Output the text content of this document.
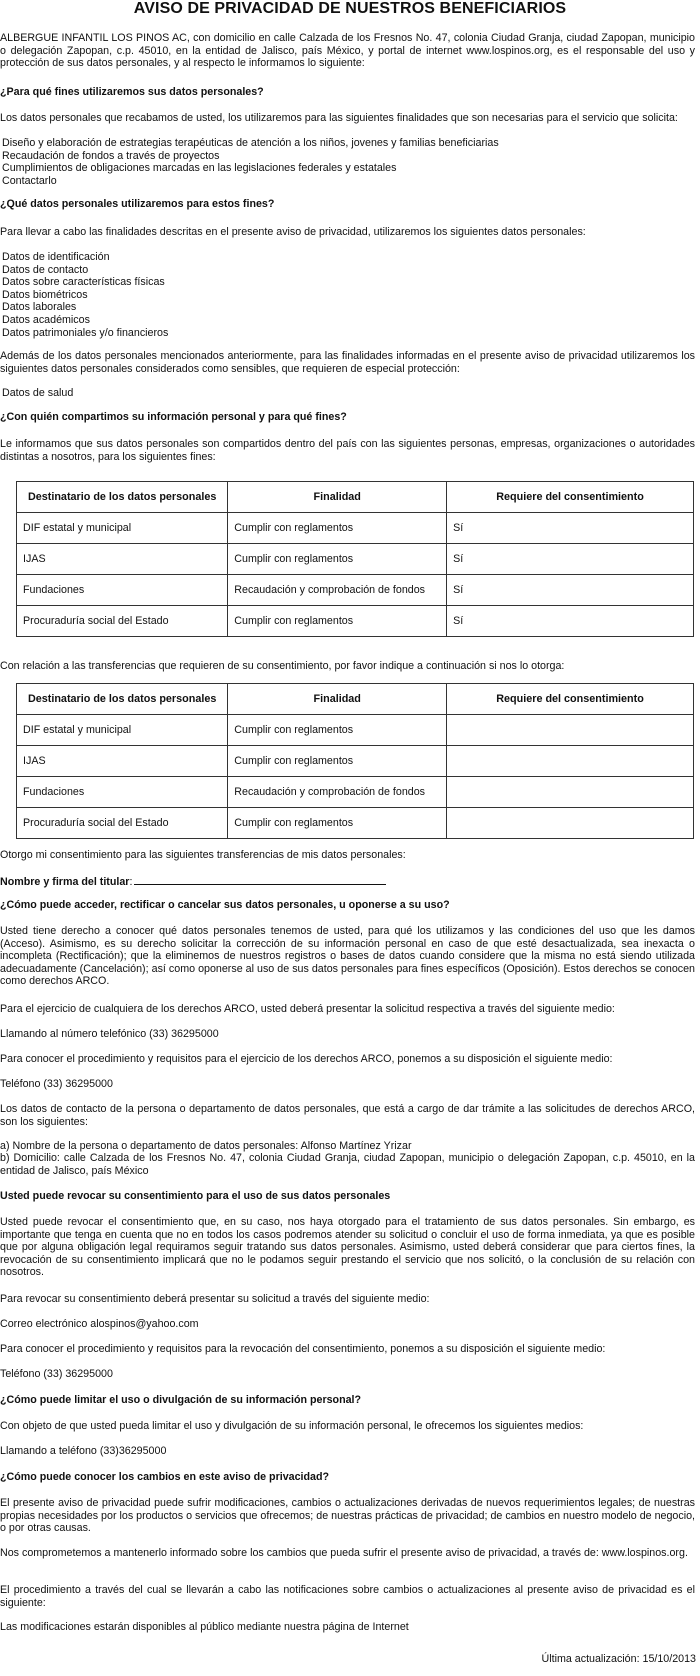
AVISO DE PRIVACIDAD DE NUESTROS BENEFICIARIOS

ALBERGUE INFANTIL LOS PINOS AC, con domicilio en calle Calzada de los Fresnos No. 47, colonia Ciudad Granja, ciudad Zapopan, municipio o delegación Zapopan, c.p. 45010, en la entidad de Jalisco, país México, y portal de internet www.lospinos.org, es el responsable del uso y protección de sus datos personales, y al respecto le informamos lo siguiente:

¿Para qué fines utilizaremos sus datos personales?

Los datos personales que recabamos de usted, los utilizaremos para las siguientes finalidades que son necesarias para el servicio que solicita:

Diseño y elaboración de estrategias terapéuticas de atención a los niños, jovenes y familias beneficiarias
Recaudación de fondos a través de proyectos
Cumplimientos de obligaciones marcadas en las legislaciones federales y estatales
Contactarlo

¿Qué datos personales utilizaremos para estos fines?

Para llevar a cabo las finalidades descritas en el presente aviso de privacidad, utilizaremos los siguientes datos personales:

Datos de identificación
Datos de contacto
Datos sobre características físicas
Datos biométricos
Datos laborales
Datos académicos
Datos patrimoniales y/o financieros

Además de los datos personales mencionados anteriormente, para las finalidades informadas en el presente aviso de privacidad utilizaremos los siguientes datos personales considerados como sensibles, que requieren de especial protección:

Datos de salud

¿Con quién compartimos su información personal y para qué fines?

Le informamos que sus datos personales son compartidos dentro del país con las siguientes personas, empresas, organizaciones o autoridades distintas a nosotros, para los siguientes fines:

Destinatario de los datos personales	Finalidad	Requiere del consentimiento
DIF estatal y municipal	Cumplir con reglamentos	Sí
IJAS	Cumplir con reglamentos	Sí
Fundaciones	Recaudación y comprobación de fondos	Sí
Procuraduría social del Estado	Cumplir con reglamentos	Sí

Con relación a las transferencias que requieren de su consentimiento, por favor indique a continuación si nos lo otorga:

Destinatario de los datos personales	Finalidad	Requiere del consentimiento
DIF estatal y municipal	Cumplir con reglamentos	
IJAS	Cumplir con reglamentos	
Fundaciones	Recaudación y comprobación de fondos	
Procuraduría social del Estado	Cumplir con reglamentos	

Otorgo mi consentimiento para las siguientes transferencias de mis datos personales:

Nombre y firma del titular:

¿Cómo puede acceder, rectificar o cancelar sus datos personales, u oponerse a su uso?

Usted tiene derecho a conocer qué datos personales tenemos de usted, para qué los utilizamos y las condiciones del uso que les damos (Acceso). Asimismo, es su derecho solicitar la corrección de su información personal en caso de que esté desactualizada, sea inexacta o incompleta (Rectificación); que la eliminemos de nuestros registros o bases de datos cuando considere que la misma no está siendo utilizada adecuadamente (Cancelación); así como oponerse al uso de sus datos personales para fines específicos (Oposición). Estos derechos se conocen como derechos ARCO.

Para el ejercicio de cualquiera de los derechos ARCO, usted deberá presentar la solicitud respectiva a través del siguiente medio:

Llamando al número telefónico (33) 36295000

Para conocer el procedimiento y requisitos para el ejercicio de los derechos ARCO, ponemos a su disposición el siguiente medio:

Teléfono (33) 36295000

Los datos de contacto de la persona o departamento de datos personales, que está a cargo de dar trámite a las solicitudes de derechos ARCO, son los siguientes:

a) Nombre de la persona o departamento de datos personales: Alfonso Martínez Yrizar

b) Domicilio: calle Calzada de los Fresnos No. 47, colonia Ciudad Granja, ciudad Zapopan, municipio o delegación Zapopan, c.p. 45010, en la entidad de Jalisco, país México

Usted puede revocar su consentimiento para el uso de sus datos personales

Usted puede revocar el consentimiento que, en su caso, nos haya otorgado para el tratamiento de sus datos personales. Sin embargo, es importante que tenga en cuenta que no en todos los casos podremos atender su solicitud o concluir el uso de forma inmediata, ya que es posible que por alguna obligación legal requiramos seguir tratando sus datos personales. Asimismo, usted deberá considerar que para ciertos fines, la revocación de su consentimiento implicará que no le podamos seguir prestando el servicio que nos solicitó, o la conclusión de su relación con nosotros.

Para revocar su consentimiento deberá presentar su solicitud a través del siguiente medio:

Correo electrónico alospinos@yahoo.com

Para conocer el procedimiento y requisitos para la revocación del consentimiento, ponemos a su disposición el siguiente medio:

Teléfono (33) 36295000

¿Cómo puede limitar el uso o divulgación de su información personal?

Con objeto de que usted pueda limitar el uso y divulgación de su información personal, le ofrecemos los siguientes medios:

Llamando a teléfono (33)36295000

¿Cómo puede conocer los cambios en este aviso de privacidad?

El presente aviso de privacidad puede sufrir modificaciones, cambios o actualizaciones derivadas de nuevos requerimientos legales; de nuestras propias necesidades por los productos o servicios que ofrecemos; de nuestras prácticas de privacidad; de cambios en nuestro modelo de negocio, o por otras causas.

Nos comprometemos a mantenerlo informado sobre los cambios que pueda sufrir el presente aviso de privacidad, a través de: www.lospinos.org.

El procedimiento a través del cual se llevarán a cabo las notificaciones sobre cambios o actualizaciones al presente aviso de privacidad es el siguiente:

Las modificaciones estarán disponibles al público mediante nuestra página de Internet

Última actualización: 15/10/2013
